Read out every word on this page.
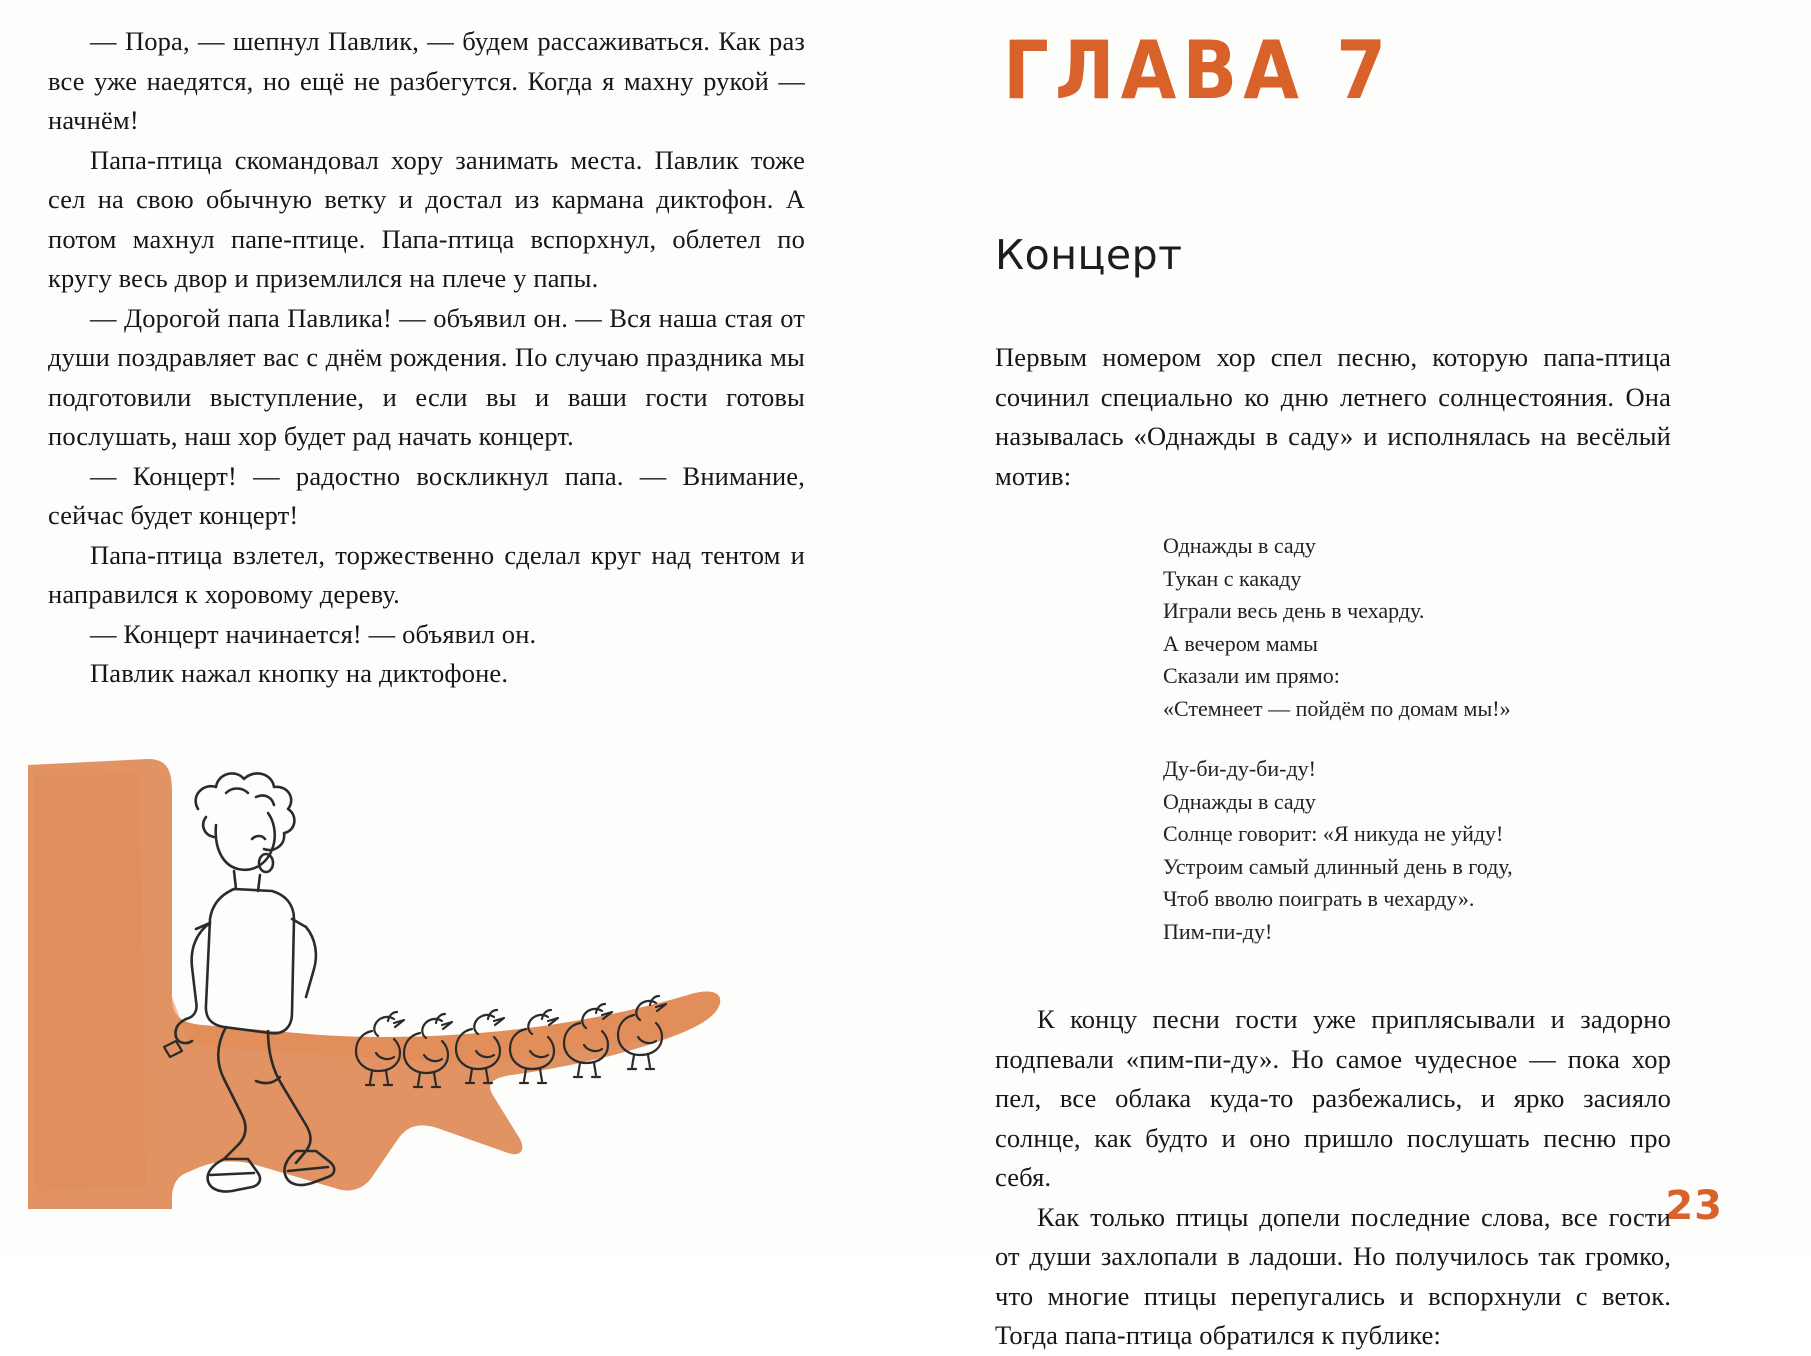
— Пора, — шепнул Павлик, — будем рассаживаться. Как раз все уже наедятся, но ещё не разбегутся. Когда я махну рукой — начнём!

Папа-птица скомандовал хору занимать места. Павлик тоже сел на свою обычную ветку и достал из кармана диктофон. А потом махнул папе-птице. Папа-птица вспорхнул, облетел по кругу весь двор и приземлился на плече у папы.

— Дорогой папа Павлика! — объявил он. — Вся наша стая от души поздравляет вас с днём рождения. По случаю праздника мы подготовили выступление, и если вы и ваши гости готовы послушать, наш хор будет рад начать концерт.

— Концерт! — радостно воскликнул папа. — Внимание, сейчас будет концерт!

Папа-птица взлетел, торжественно сделал круг над тентом и направился к хоровому дереву.

— Концерт начинается! — объявил он.

Павлик нажал кнопку на диктофоне.

ГЛАВА 7
Концерт

Первым номером хор спел песню, которую папа-птица сочинил специально ко дню летнего солнцестояния. Она называлась «Однажды в саду» и исполнялась на весёлый мотив:

Однажды в саду
Тукан с какаду
Играли весь день в чехарду.
А вечером мамы
Сказали им прямо:
«Стемнеет — пойдём по домам мы!»
Ду-би-ду-би-ду!
Однажды в саду
Солнце говорит: «Я никуда не уйду!
Устроим самый длинный день в году,
Чтоб вволю поиграть в чехарду».
Пим-пи-ду!

К концу песни гости уже приплясывали и задорно подпевали «пим-пи-ду». Но самое чудесное — пока хор пел, все облака куда-то разбежались, и ярко засияло солнце, как будто и оно пришло послушать песню про себя.

Как только птицы допели последние слова, все гости от души захлопали в ладоши. Но получилось так громко, что многие птицы перепугались и вспорхнули с веток. Тогда папа-птица обратился к публике:

23
